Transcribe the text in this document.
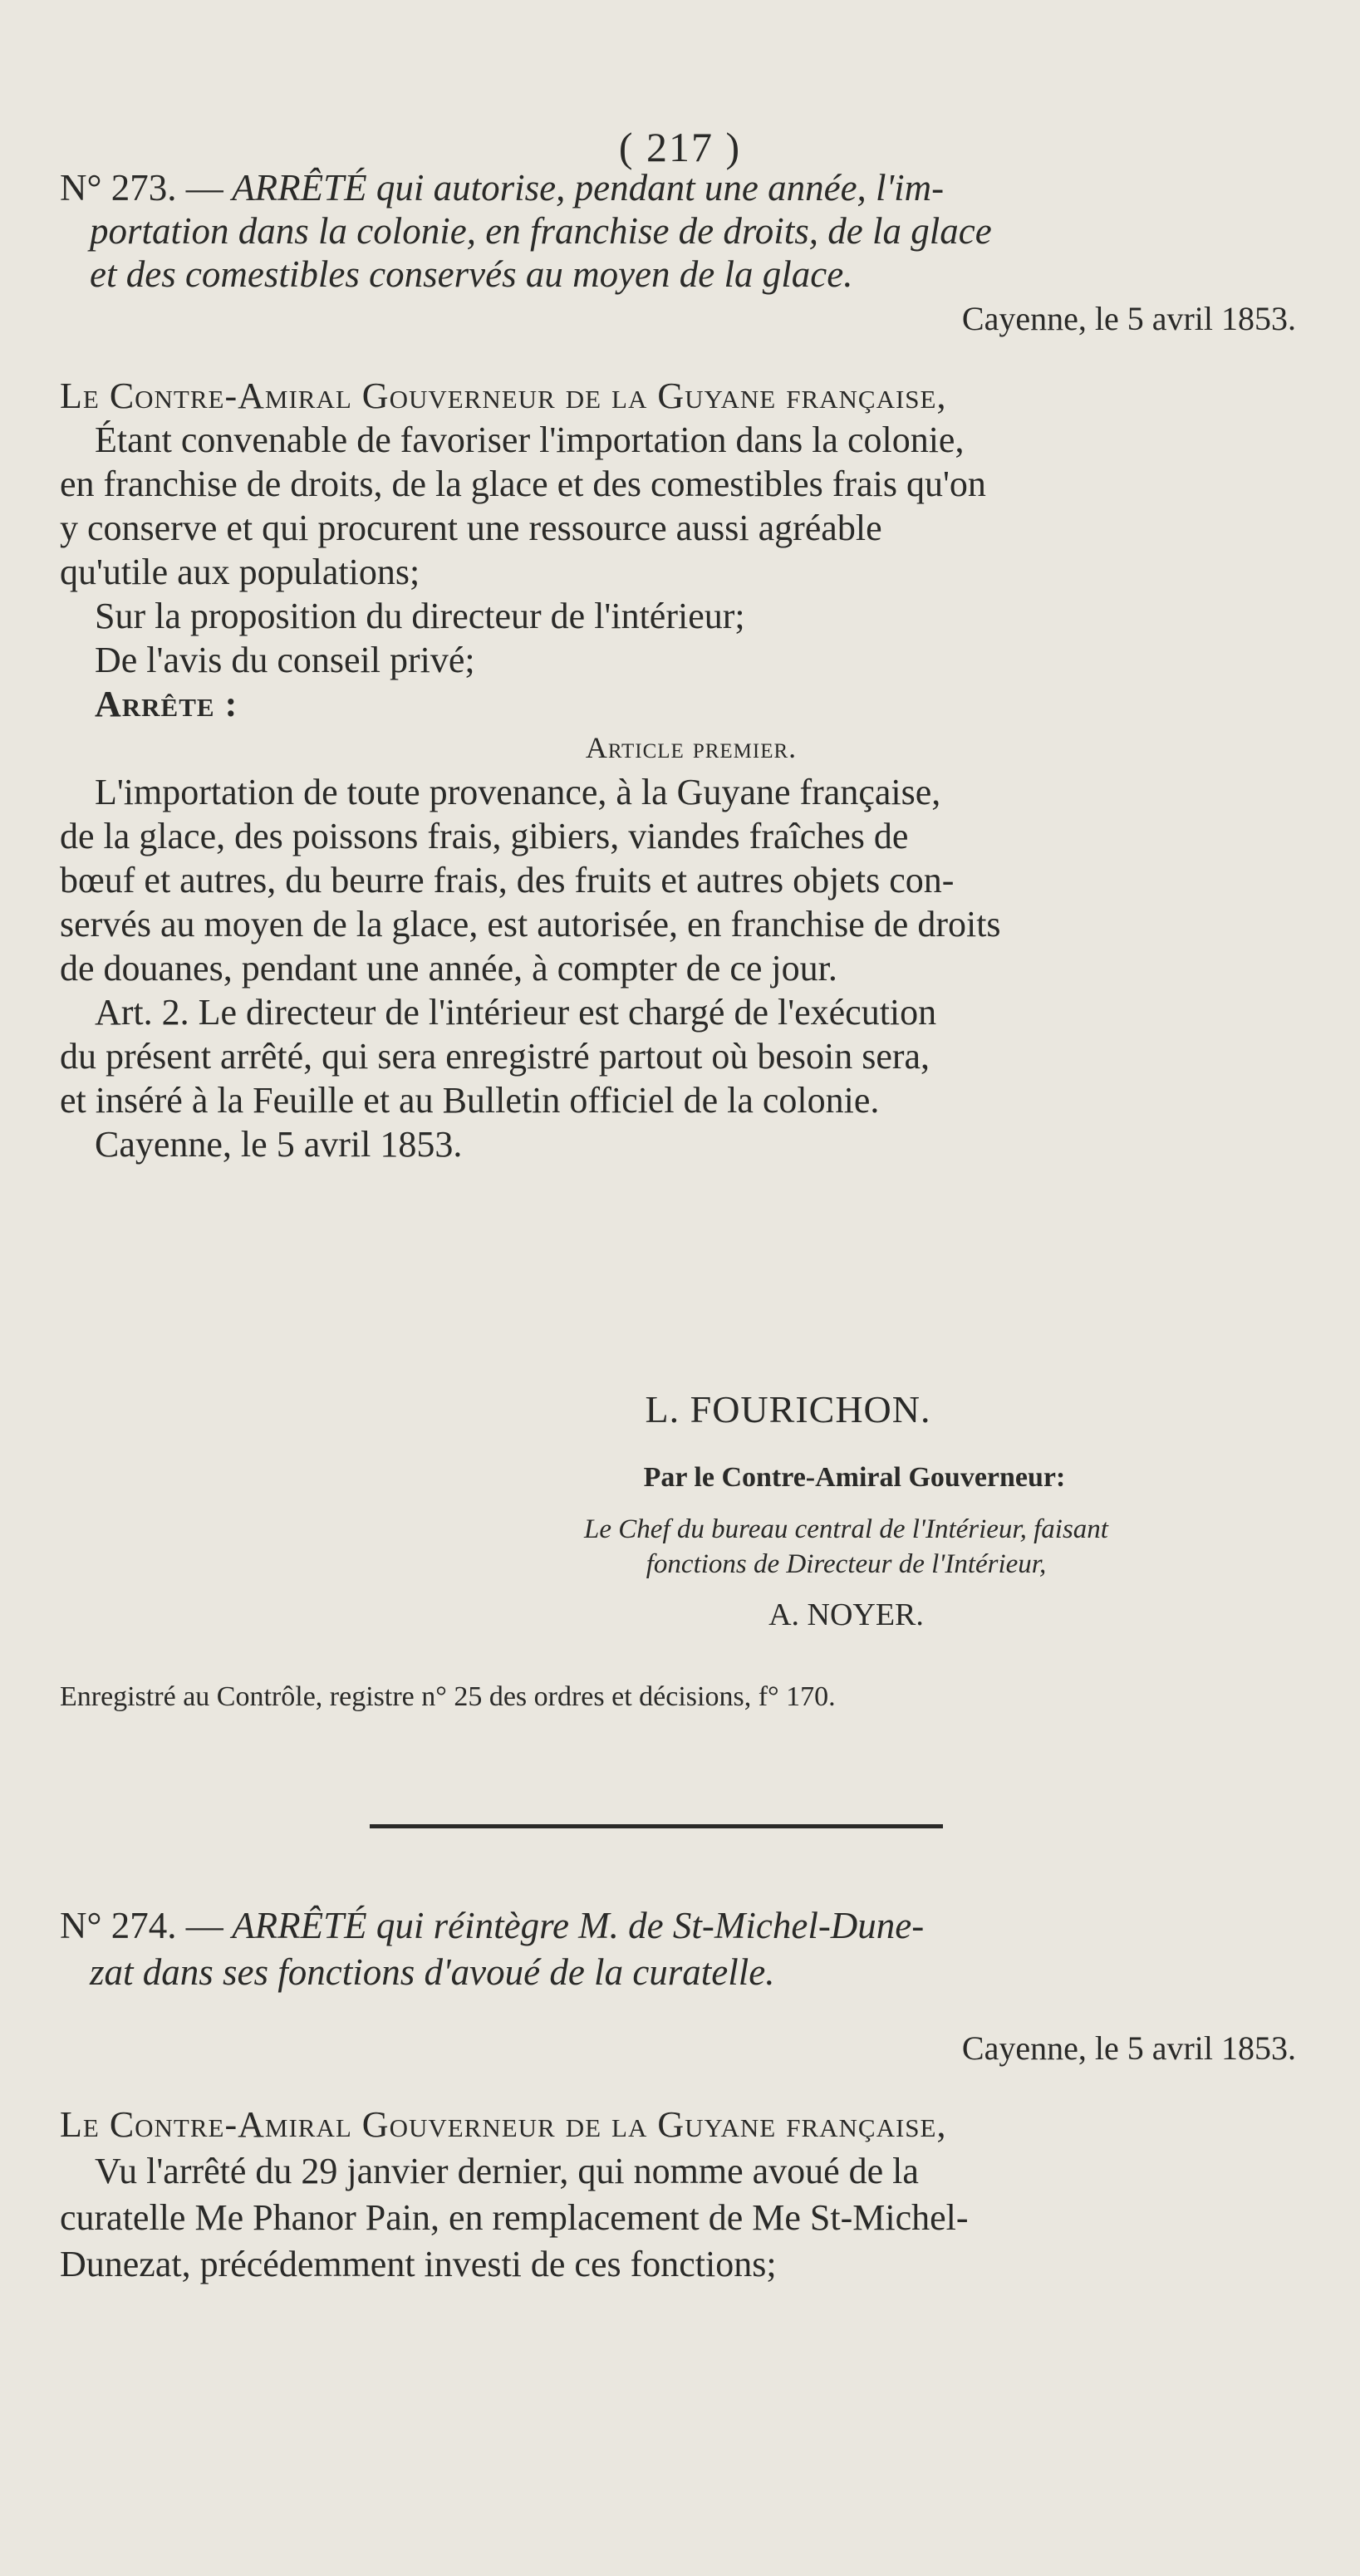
( 217 )
N° 273. — ARRÊTÉ qui autorise, pendant une année, l'im-
portation dans la colonie, en franchise de droits, de la glace
et des comestibles conservés au moyen de la glace.
Cayenne, le 5 avril 1853.
Le Contre-Amiral Gouverneur de la Guyane française,
Étant convenable de favoriser l'importation dans la colonie,
en franchise de droits, de la glace et des comestibles frais qu'on
y conserve et qui procurent une ressource aussi agréable
qu'utile aux populations;
Sur la proposition du directeur de l'intérieur;
De l'avis du conseil privé;
Arrête :
Article premier.
L'importation de toute provenance, à la Guyane française,
de la glace, des poissons frais, gibiers, viandes fraîches de
bœuf et autres, du beurre frais, des fruits et autres objets con-
servés au moyen de la glace, est autorisée, en franchise de droits
de douanes, pendant une année, à compter de ce jour.
Art. 2. Le directeur de l'intérieur est chargé de l'exécution
du présent arrêté, qui sera enregistré partout où besoin sera,
et inséré à la Feuille et au Bulletin officiel de la colonie.
Cayenne, le 5 avril 1853.
L. FOURICHON.
Par le Contre-Amiral Gouverneur:
Le Chef du bureau central de l'Intérieur, faisant
fonctions de Directeur de l'Intérieur,
A. NOYER.
Enregistré au Contrôle, registre n° 25 des ordres et décisions, f° 170.
N° 274. — ARRÊTÉ qui réintègre M. de St-Michel-Dune-
zat dans ses fonctions d'avoué de la curatelle.
Cayenne, le 5 avril 1853.
Le Contre-Amiral Gouverneur de la Guyane française,
Vu l'arrêté du 29 janvier dernier, qui nomme avoué de la
curatelle Me Phanor Pain, en remplacement de Me St-Michel-
Dunezat, précédemment investi de ces fonctions;
